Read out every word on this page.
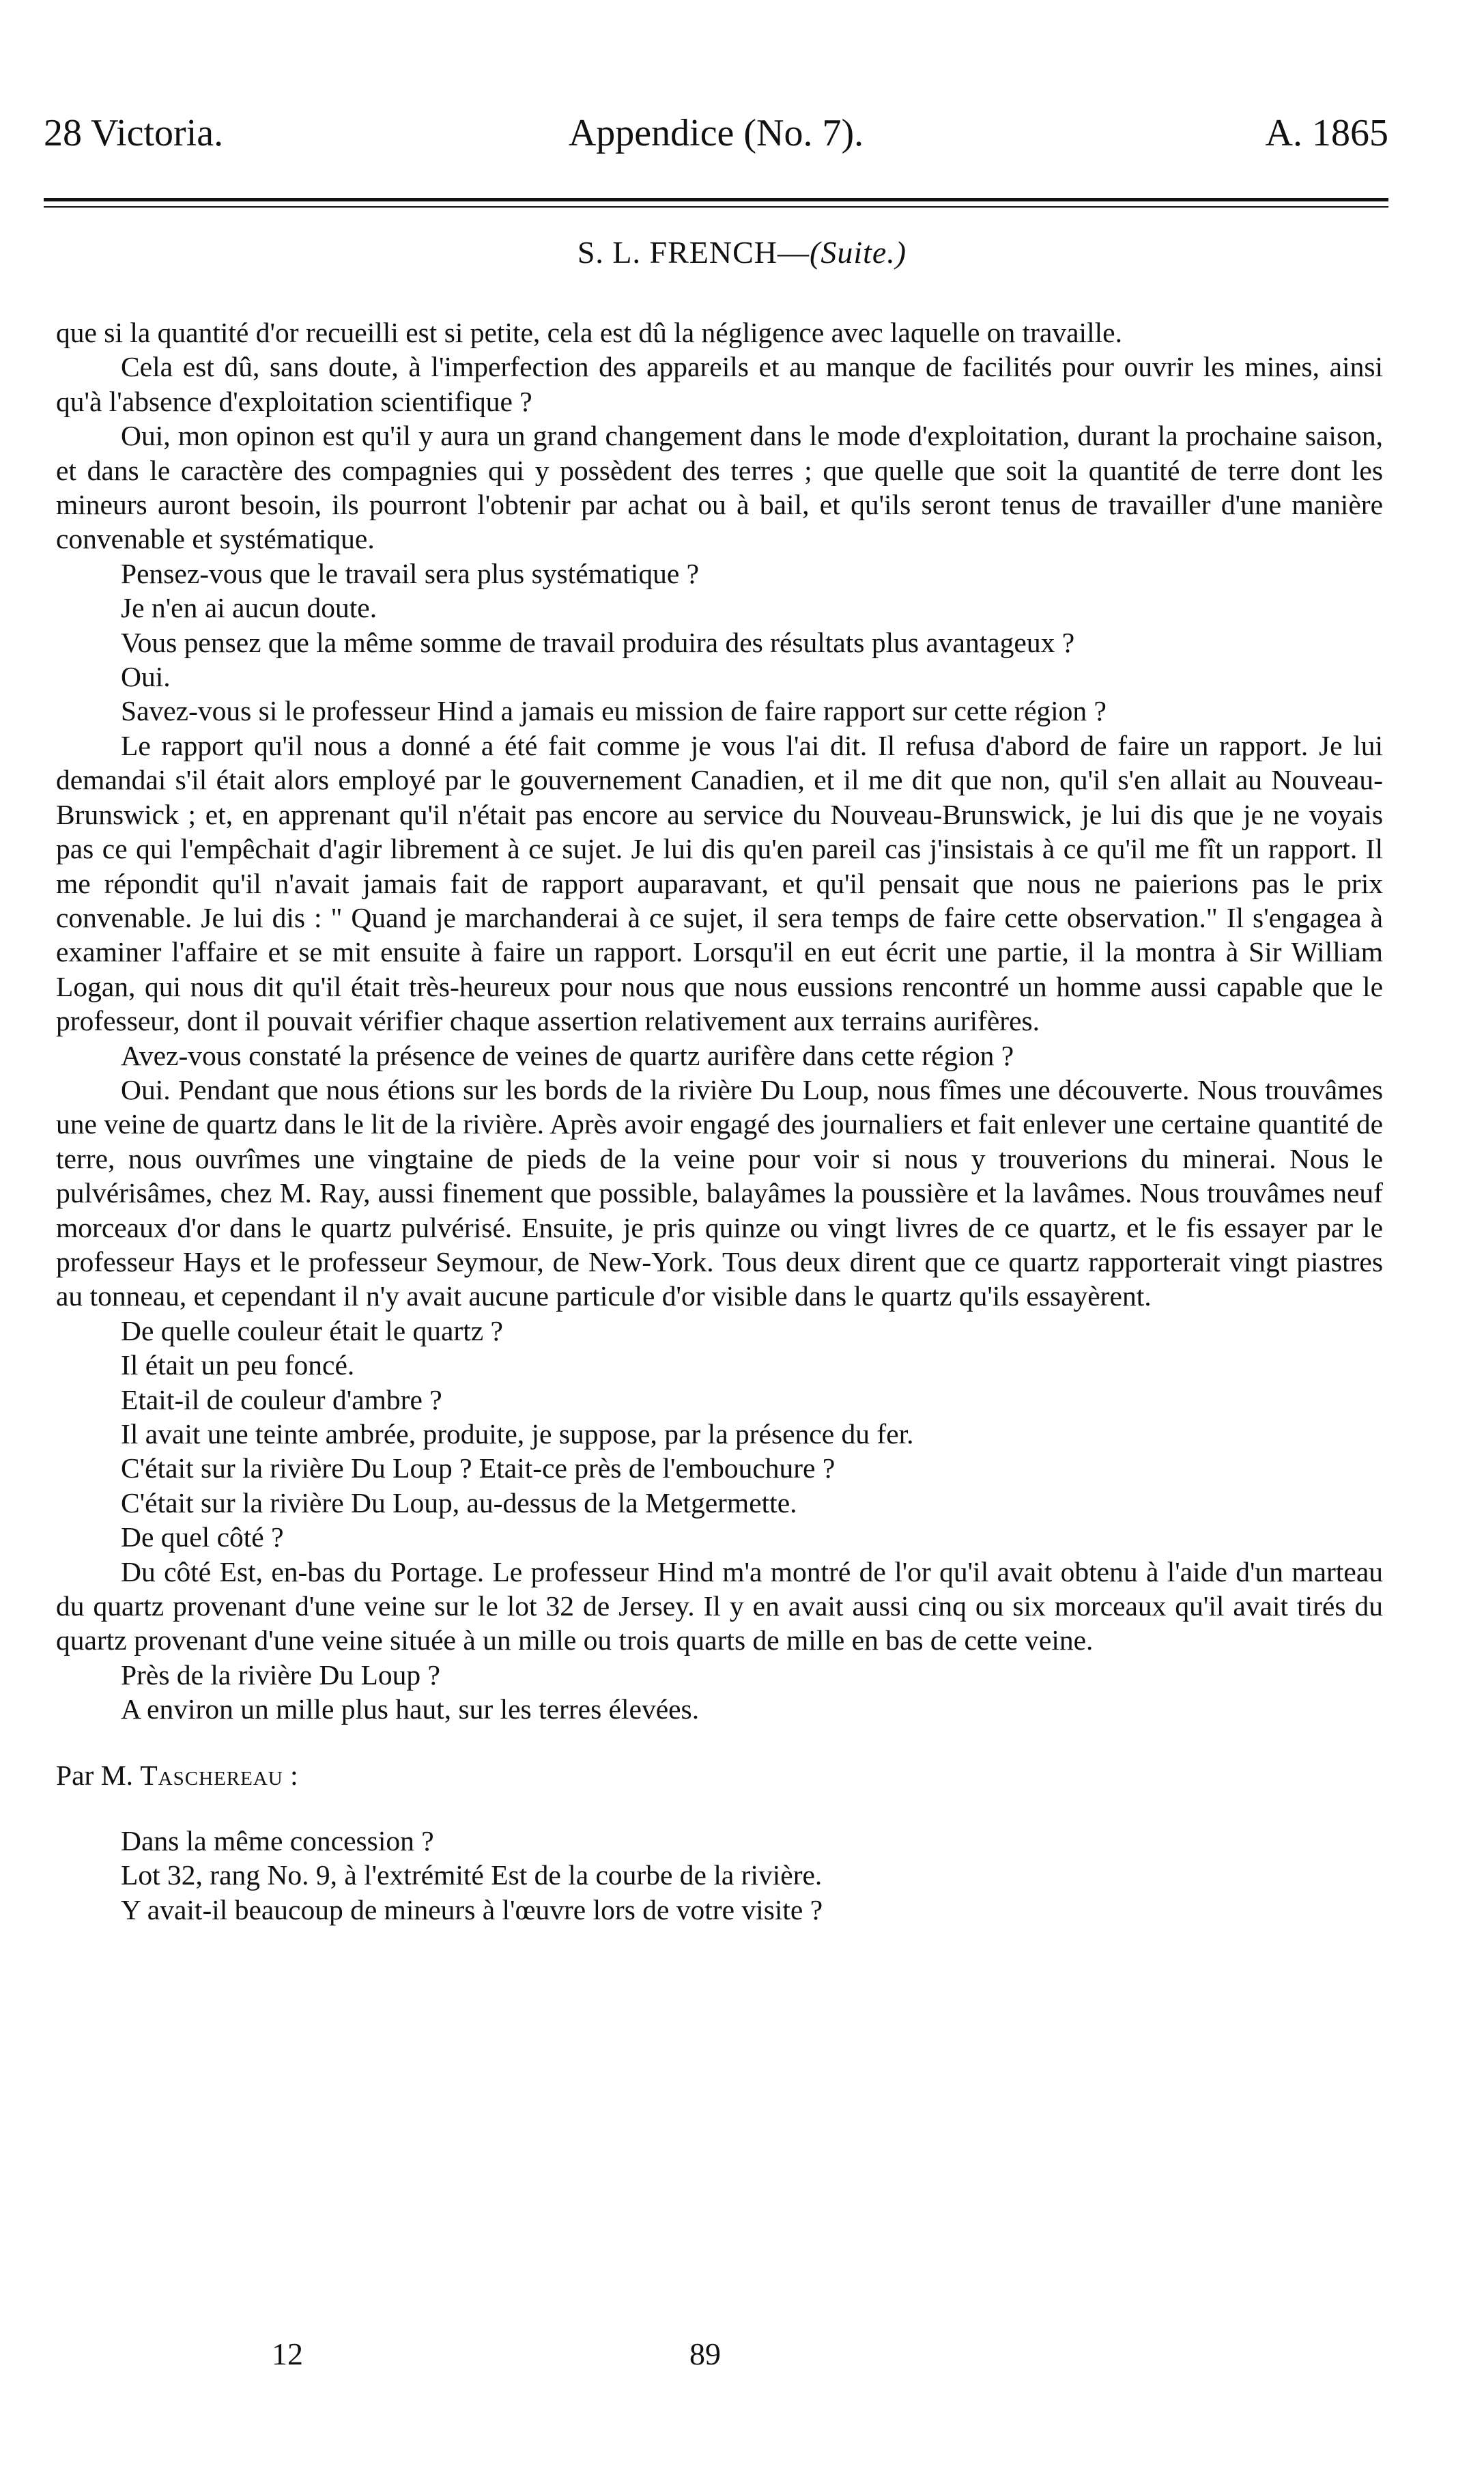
28 Victoria.	Appendice (No. 7).	A. 1865
S. L. FRENCH—(Suite.)

que si la quantité d'or recueilli est si petite, cela est dû la négligence avec laquelle on travaille.

Cela est dû, sans doute, à l'imperfection des appareils et au manque de facilités pour ouvrir les mines, ainsi qu'à l'absence d'exploitation scientifique ?

Oui, mon opinon est qu'il y aura un grand changement dans le mode d'exploitation, durant la prochaine saison, et dans le caractère des compagnies qui y possèdent des terres ; que quelle que soit la quantité de terre dont les mineurs auront besoin, ils pourront l'obtenir par achat ou à bail, et qu'ils seront tenus de travailler d'une manière convenable et systématique.

Pensez-vous que le travail sera plus systématique ?

Je n'en ai aucun doute.

Vous pensez que la même somme de travail produira des résultats plus avantageux ?

Oui.

Savez-vous si le professeur Hind a jamais eu mission de faire rapport sur cette région ?

Le rapport qu'il nous a donné a été fait comme je vous l'ai dit. Il refusa d'abord de faire un rapport. Je lui demandai s'il était alors employé par le gouvernement Canadien, et il me dit que non, qu'il s'en allait au Nouveau-Brunswick ; et, en apprenant qu'il n'était pas encore au service du Nouveau-Brunswick, je lui dis que je ne voyais pas ce qui l'empêchait d'agir librement à ce sujet. Je lui dis qu'en pareil cas j'insistais à ce qu'il me fît un rapport. Il me répondit qu'il n'avait jamais fait de rapport auparavant, et qu'il pensait que nous ne paierions pas le prix convenable. Je lui dis : " Quand je marchanderai à ce sujet, il sera temps de faire cette observation." Il s'engagea à examiner l'affaire et se mit ensuite à faire un rapport. Lorsqu'il en eut écrit une partie, il la montra à Sir William Logan, qui nous dit qu'il était très-heureux pour nous que nous eussions rencontré un homme aussi capable que le professeur, dont il pouvait vérifier chaque assertion relativement aux terrains aurifères.

Avez-vous constaté la présence de veines de quartz aurifère dans cette région ?

Oui. Pendant que nous étions sur les bords de la rivière Du Loup, nous fîmes une découverte. Nous trouvâmes une veine de quartz dans le lit de la rivière. Après avoir engagé des journaliers et fait enlever une certaine quantité de terre, nous ouvrîmes une vingtaine de pieds de la veine pour voir si nous y trouverions du minerai. Nous le pulvérisâmes, chez M. Ray, aussi finement que possible, balayâmes la poussière et la lavâmes. Nous trouvâmes neuf morceaux d'or dans le quartz pulvérisé. Ensuite, je pris quinze ou vingt livres de ce quartz, et le fis essayer par le professeur Hays et le professeur Seymour, de New-York. Tous deux dirent que ce quartz rapporterait vingt piastres au tonneau, et cependant il n'y avait aucune particule d'or visible dans le quartz qu'ils essayèrent.

De quelle couleur était le quartz ?

Il était un peu foncé.

Etait-il de couleur d'ambre ?

Il avait une teinte ambrée, produite, je suppose, par la présence du fer.

C'était sur la rivière Du Loup ? Etait-ce près de l'embouchure ?

C'était sur la rivière Du Loup, au-dessus de la Metgermette.

De quel côté ?

Du côté Est, en-bas du Portage. Le professeur Hind m'a montré de l'or qu'il avait obtenu à l'aide d'un marteau du quartz provenant d'une veine sur le lot 32 de Jersey. Il y en avait aussi cinq ou six morceaux qu'il avait tirés du quartz provenant d'une veine située à un mille ou trois quarts de mille en bas de cette veine.

Près de la rivière Du Loup ?

A environ un mille plus haut, sur les terres élevées.

Par M. Taschereau :

Dans la même concession ?

Lot 32, rang No. 9, à l'extrémité Est de la courbe de la rivière.

Y avait-il beaucoup de mineurs à l'œuvre lors de votre visite ?

12	89
